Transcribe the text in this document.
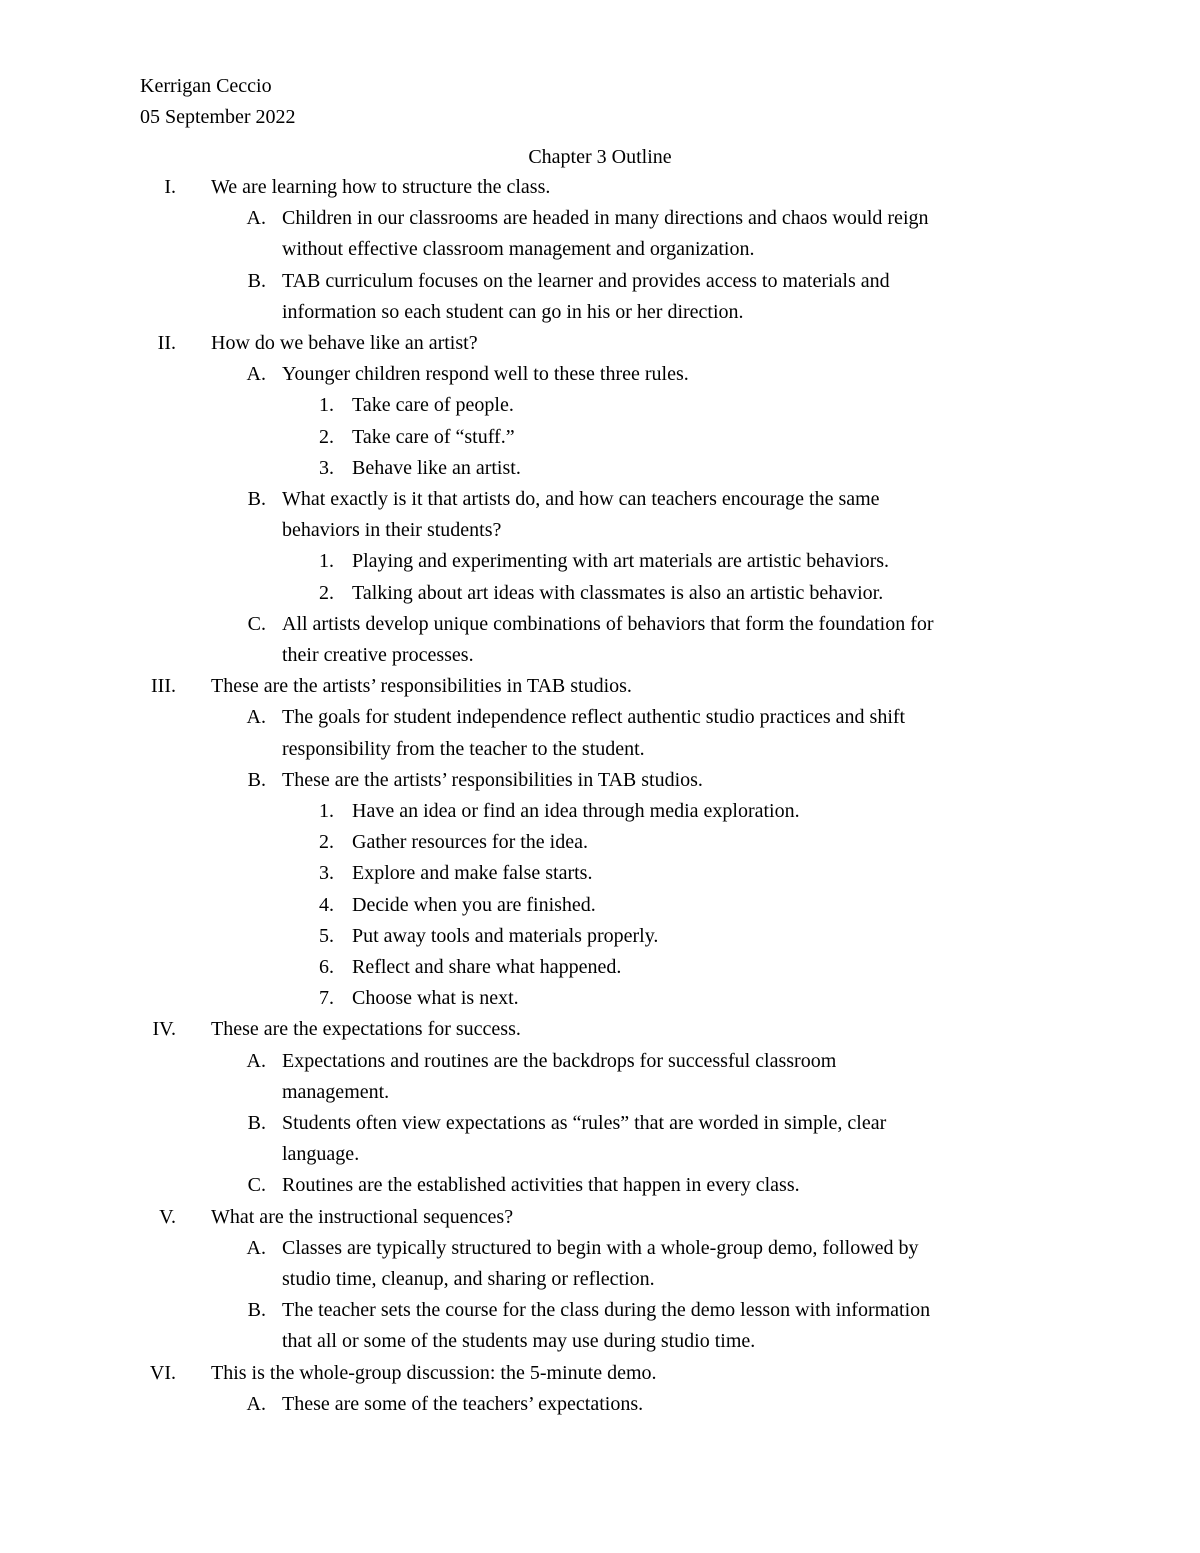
Kerrigan Ceccio
05 September 2022
Chapter 3 Outline
I. We are learning how to structure the class.
A. Children in our classrooms are headed in many directions and chaos would reign
without effective classroom management and organization.
B. TAB curriculum focuses on the learner and provides access to materials and
information so each student can go in his or her direction.
II. How do we behave like an artist?
A. Younger children respond well to these three rules.
1. Take care of people.
2. Take care of “stuff.”
3. Behave like an artist.
B. What exactly is it that artists do, and how can teachers encourage the same
behaviors in their students?
1. Playing and experimenting with art materials are artistic behaviors.
2. Talking about art ideas with classmates is also an artistic behavior.
C. All artists develop unique combinations of behaviors that form the foundation for
their creative processes.
III. These are the artists’ responsibilities in TAB studios.
A. The goals for student independence reflect authentic studio practices and shift
responsibility from the teacher to the student.
B. These are the artists’ responsibilities in TAB studios.
1. Have an idea or find an idea through media exploration.
2. Gather resources for the idea.
3. Explore and make false starts.
4. Decide when you are finished.
5. Put away tools and materials properly.
6. Reflect and share what happened.
7. Choose what is next.
IV. These are the expectations for success.
A. Expectations and routines are the backdrops for successful classroom
management.
B. Students often view expectations as “rules” that are worded in simple, clear
language.
C. Routines are the established activities that happen in every class.
V. What are the instructional sequences?
A. Classes are typically structured to begin with a whole-group demo, followed by
studio time, cleanup, and sharing or reflection.
B. The teacher sets the course for the class during the demo lesson with information
that all or some of the students may use during studio time.
VI. This is the whole-group discussion: the 5-minute demo.
A. These are some of the teachers’ expectations.
